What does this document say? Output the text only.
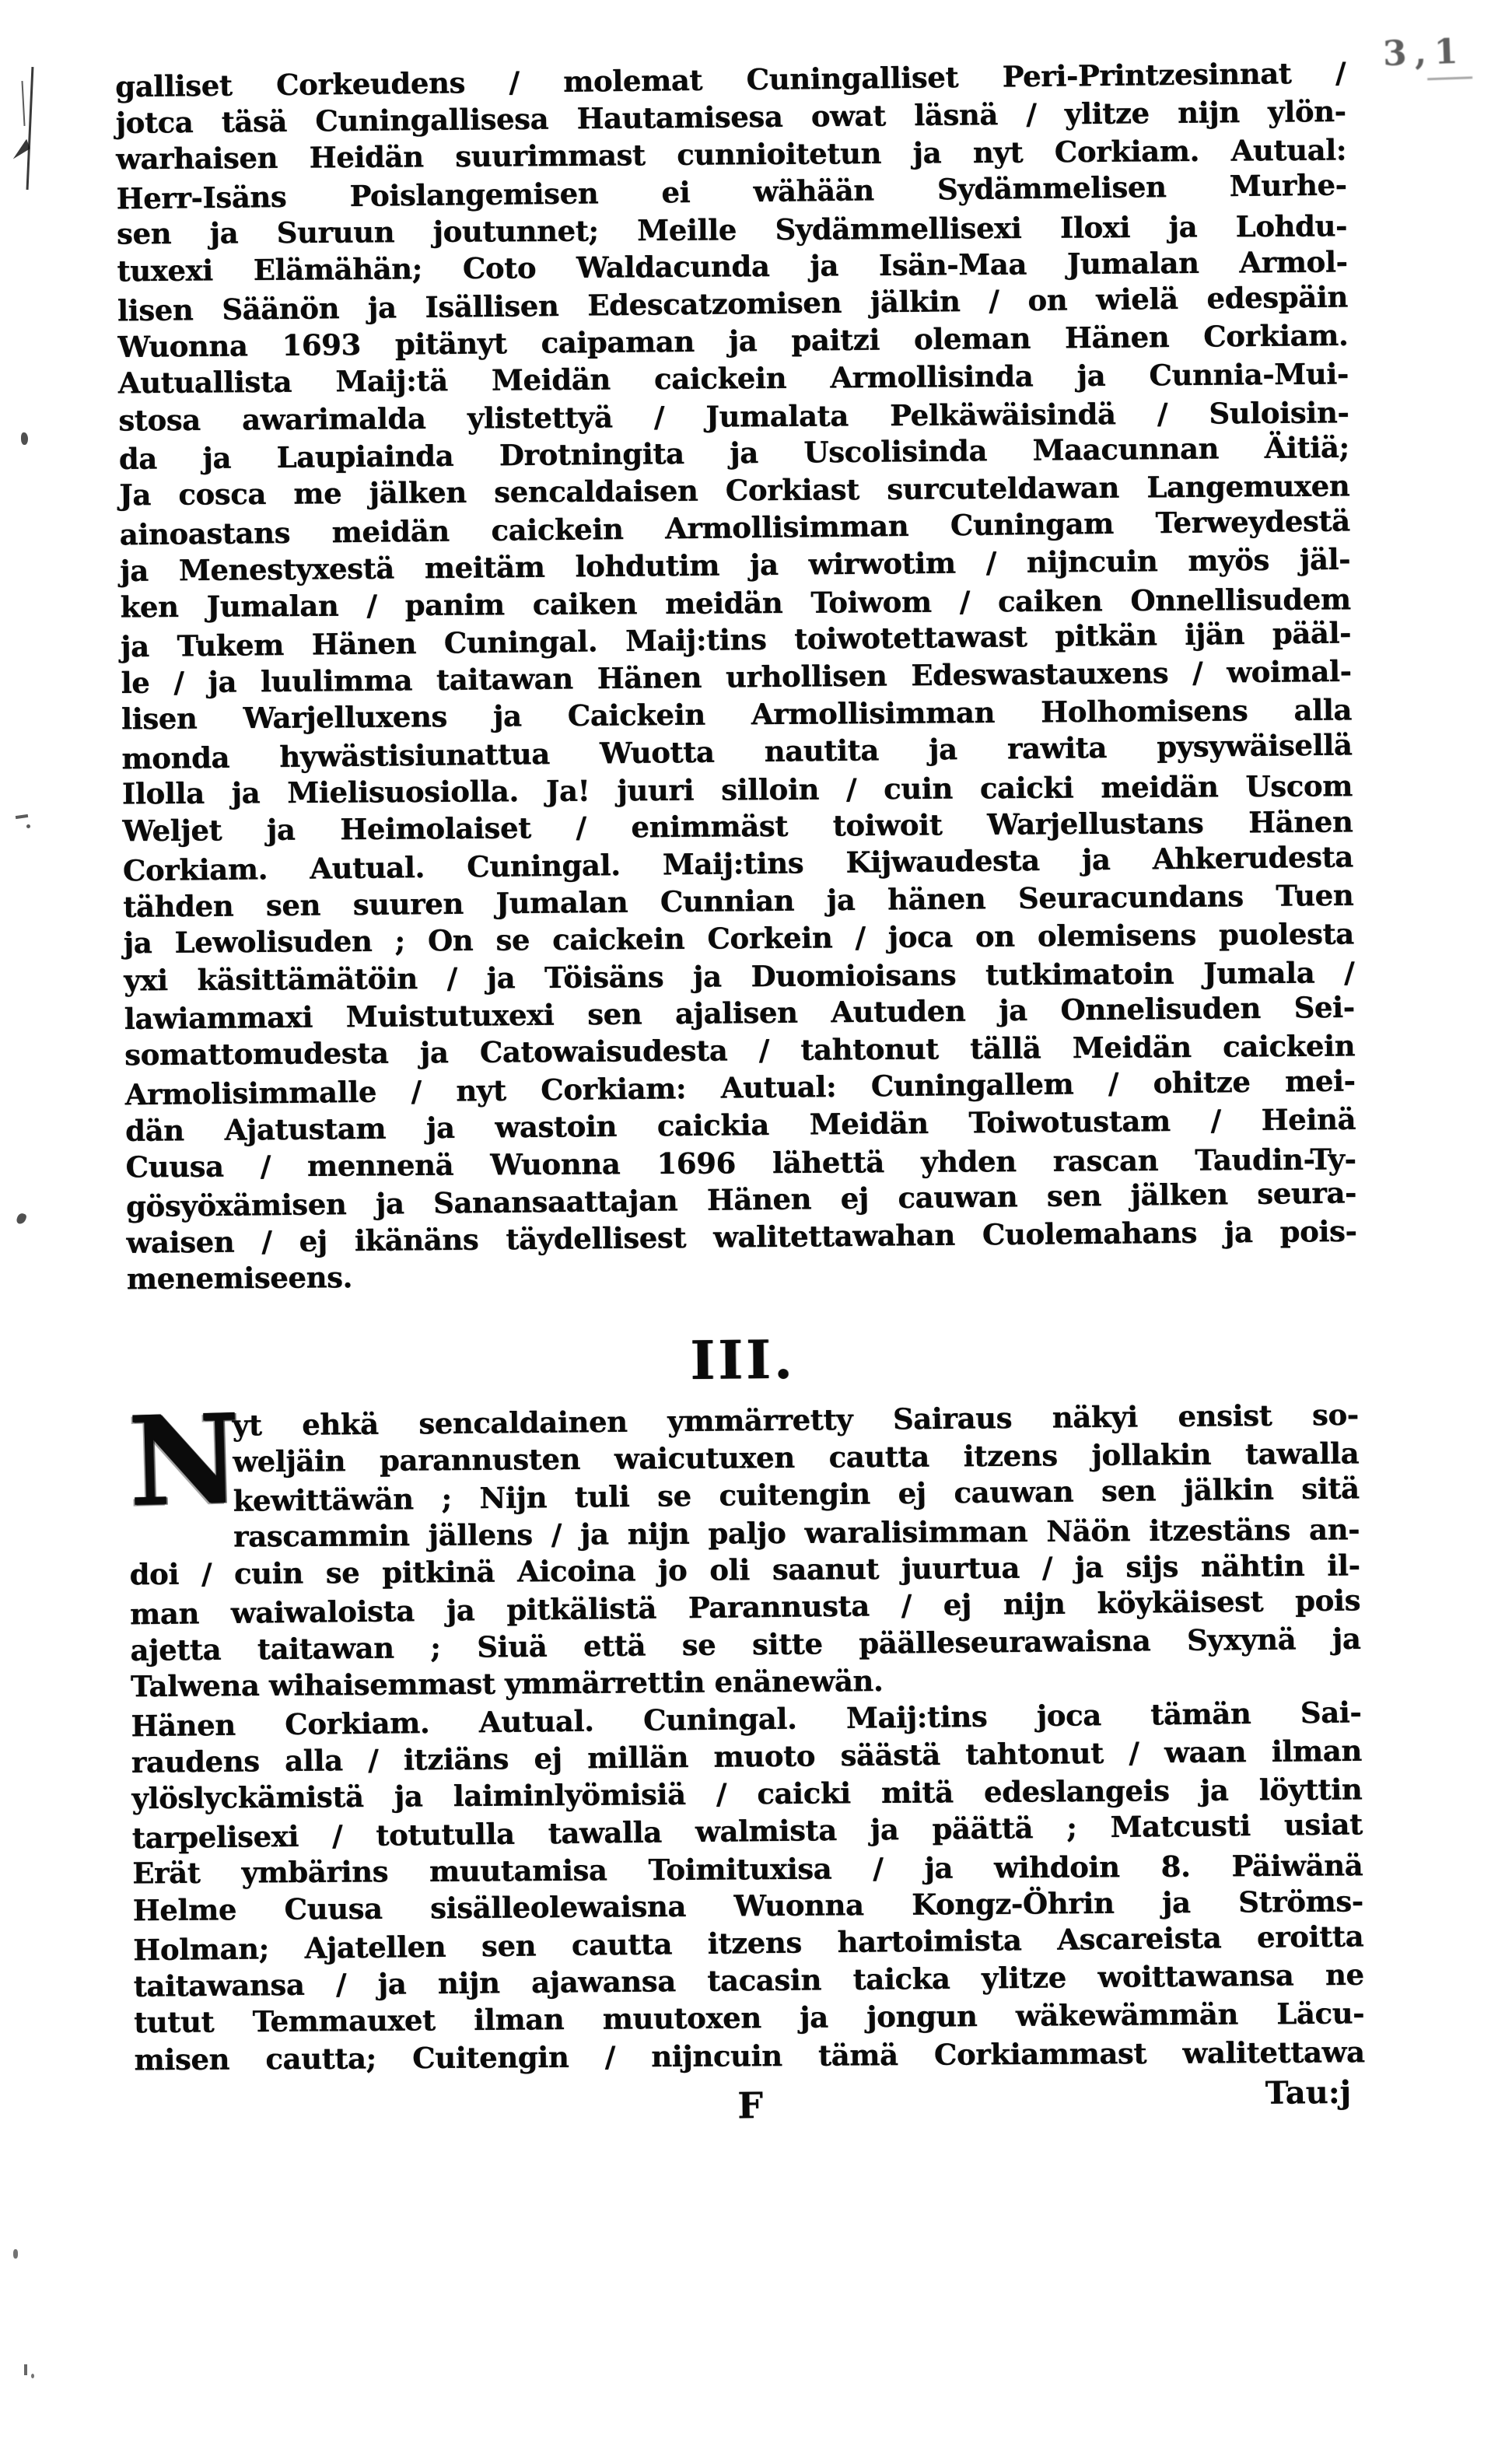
3,1
galliset Corkeudens / molemat Cuningalliset Peri-Printzesinnat /
jotca täsä Cuningallisesa Hautamisesa owat läsnä / ylitze nijn ylön-
warhaisen Heidän suurimmast cunnioitetun ja nyt Corkiam. Autual:
Herr-Isäns Poislangemisen ei wähään Sydämmelisen Murhe-
sen ja Suruun joutunnet; Meille Sydämmellisexi Iloxi ja Lohdu-
tuxexi Elämähän; Coto Waldacunda ja Isän-Maa Jumalan Armol-
lisen Säänön ja Isällisen Edescatzomisen jälkin / on wielä edespäin
Wuonna 1693 pitänyt caipaman ja paitzi oleman Hänen Corkiam.
Autuallista Maij:tä Meidän caickein Armollisinda ja Cunnia-Mui-
stosa awarimalda ylistettyä / Jumalata Pelkäwäisindä / Suloisin-
da ja Laupiainda Drotningita ja Uscolisinda Maacunnan Äitiä;
Ja cosca me jälken sencaldaisen Corkiast surcuteldawan Langemuxen
ainoastans meidän caickein Armollisimman Cuningam Terweydestä
ja Menestyxestä meitäm lohdutim ja wirwotim / nijncuin myös jäl-
ken Jumalan / panim caiken meidän Toiwom / caiken Onnellisudem
ja Tukem Hänen Cuningal. Maij:tins toiwotettawast pitkän ijän pääl-
le / ja luulimma taitawan Hänen urhollisen Edeswastauxens / woimal-
lisen Warjelluxens ja Caickein Armollisimman Holhomisens alla
monda hywästisiunattua Wuotta nautita ja rawita pysywäisellä
Ilolla ja Mielisuosiolla. Ja! juuri silloin / cuin caicki meidän Uscom
Weljet ja Heimolaiset / enimmäst toiwoit Warjellustans Hänen
Corkiam. Autual. Cuningal. Maij:tins Kijwaudesta ja Ahkerudesta
tähden sen suuren Jumalan Cunnian ja hänen Seuracundans Tuen
ja Lewolisuden ; On se caickein Corkein / joca on olemisens puolesta
yxi käsittämätöin / ja Töisäns ja Duomioisans tutkimatoin Jumala /
lawiammaxi Muistutuxexi sen ajalisen Autuden ja Onnelisuden Sei-
somattomudesta ja Catowaisudesta / tahtonut tällä Meidän caickein
Armolisimmalle / nyt Corkiam: Autual: Cuningallem / ohitze mei-
dän Ajatustam ja wastoin caickia Meidän Toiwotustam / Heinä
Cuusa / mennenä Wuonna 1696 lähettä yhden rascan Taudin-Ty-
gösyöxämisen ja Sanansaattajan Hänen ej cauwan sen jälken seura-
waisen / ej ikänäns täydellisest walitettawahan Cuolemahans ja pois-
menemiseens.
III.
N
yt ehkä sencaldainen ymmärretty Sairaus näkyi ensist so-
weljäin parannusten waicutuxen cautta itzens jollakin tawalla
kewittäwän ; Nijn tuli se cuitengin ej cauwan sen jälkin sitä
rascammin jällens / ja nijn paljo waralisimman Näön itzestäns an-
doi / cuin se pitkinä Aicoina jo oli saanut juurtua / ja sijs nähtin il-
man waiwaloista ja pitkälistä Parannusta / ej nijn köykäisest pois
ajetta taitawan ; Siuä että se sitte päälleseurawaisna Syxynä ja
Talwena wihaisemmast ymmärrettin enänewän.
Hänen Corkiam. Autual. Cuningal. Maij:tins joca tämän Sai-
raudens alla / itziäns ej millän muoto säästä tahtonut / waan ilman
ylöslyckämistä ja laiminlyömisiä / caicki mitä edeslangeis ja löyttin
tarpelisexi / totutulla tawalla walmista ja päättä ; Matcusti usiat
Erät ymbärins muutamisa Toimituxisa / ja wihdoin 8. Päiwänä
Helme Cuusa sisälleolewaisna Wuonna Kongz-Öhrin ja Ströms-
Holman; Ajatellen sen cautta itzens hartoimista Ascareista eroitta
taitawansa / ja nijn ajawansa tacasin taicka ylitze woittawansa ne
tutut Temmauxet ilman muutoxen ja jongun wäkewämmän Läcu-
misen cautta; Cuitengin / nijncuin tämä Corkiammast walitettawa
F	Tau:j
